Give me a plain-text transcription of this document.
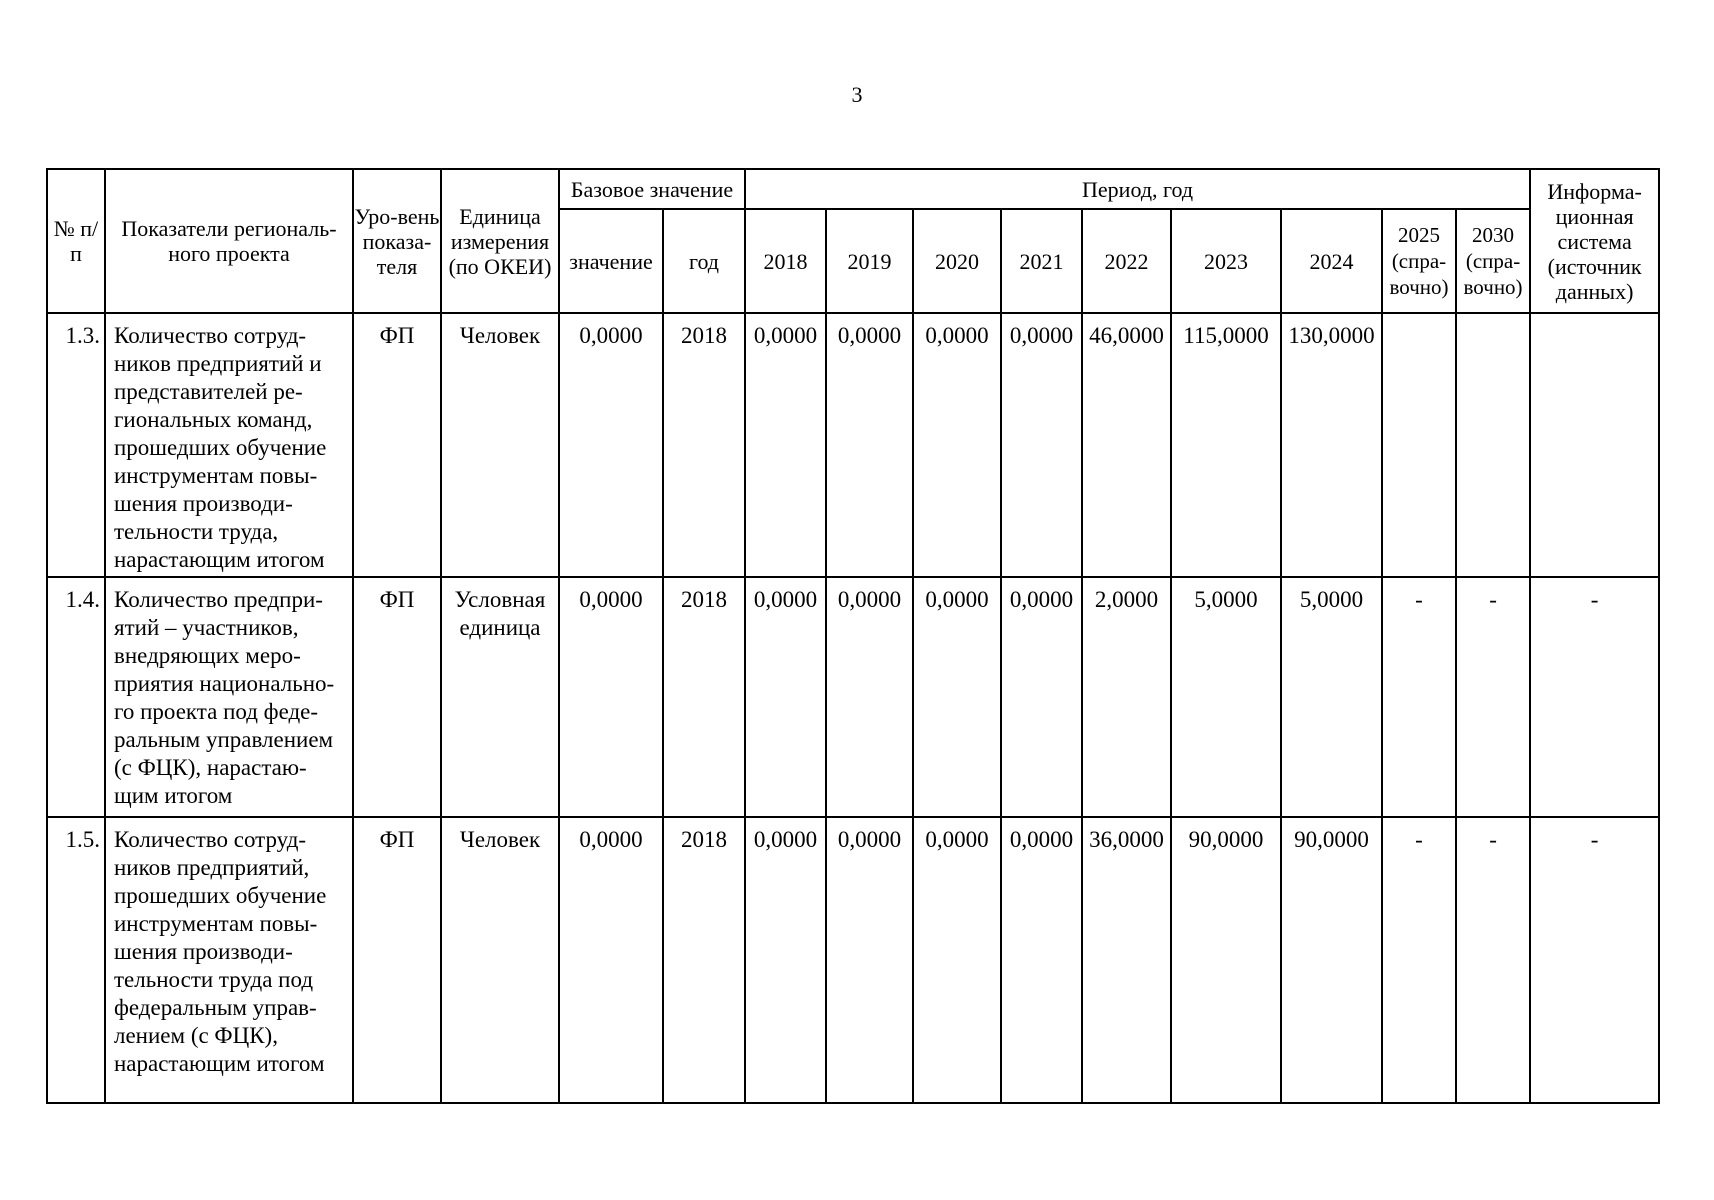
3
№ п/п	Показатели региональ-ного проекта	Уро-вень показа-теля	Единица измерения (по ОКЕИ)	Базовое значение		Период, год									Информа-ционная система (источник данных)
				значение	год	2018	2019	2020	2021	2022	2023	2024	2025 (спра-вочно)	2030 (спра-вочно)	
1.3.	Количество сотруд-ников предприятий и представителей ре-гиональных команд, прошедших обучение инструментам повы-шения производи-тельности труда, нарастающим итогом	ФП	Человек	0,0000	2018	0,0000	0,0000	0,0000	0,0000	46,0000	115,0000	130,0000			
1.4.	Количество предпри-ятий – участников, внедряющих меро-приятия национально-го проекта под феде-ральным управлением (с ФЦК), нарастаю-щим итогом	ФП	Условная единица	0,0000	2018	0,0000	0,0000	0,0000	0,0000	2,0000	5,0000	5,0000	-	-	-
1.5.	Количество сотруд-ников предприятий, прошедших обучение инструментам повы-шения производи-тельности труда под федеральным управ-лением (с ФЦК), нарастающим итогом	ФП	Человек	0,0000	2018	0,0000	0,0000	0,0000	0,0000	36,0000	90,0000	90,0000	-	-	-
